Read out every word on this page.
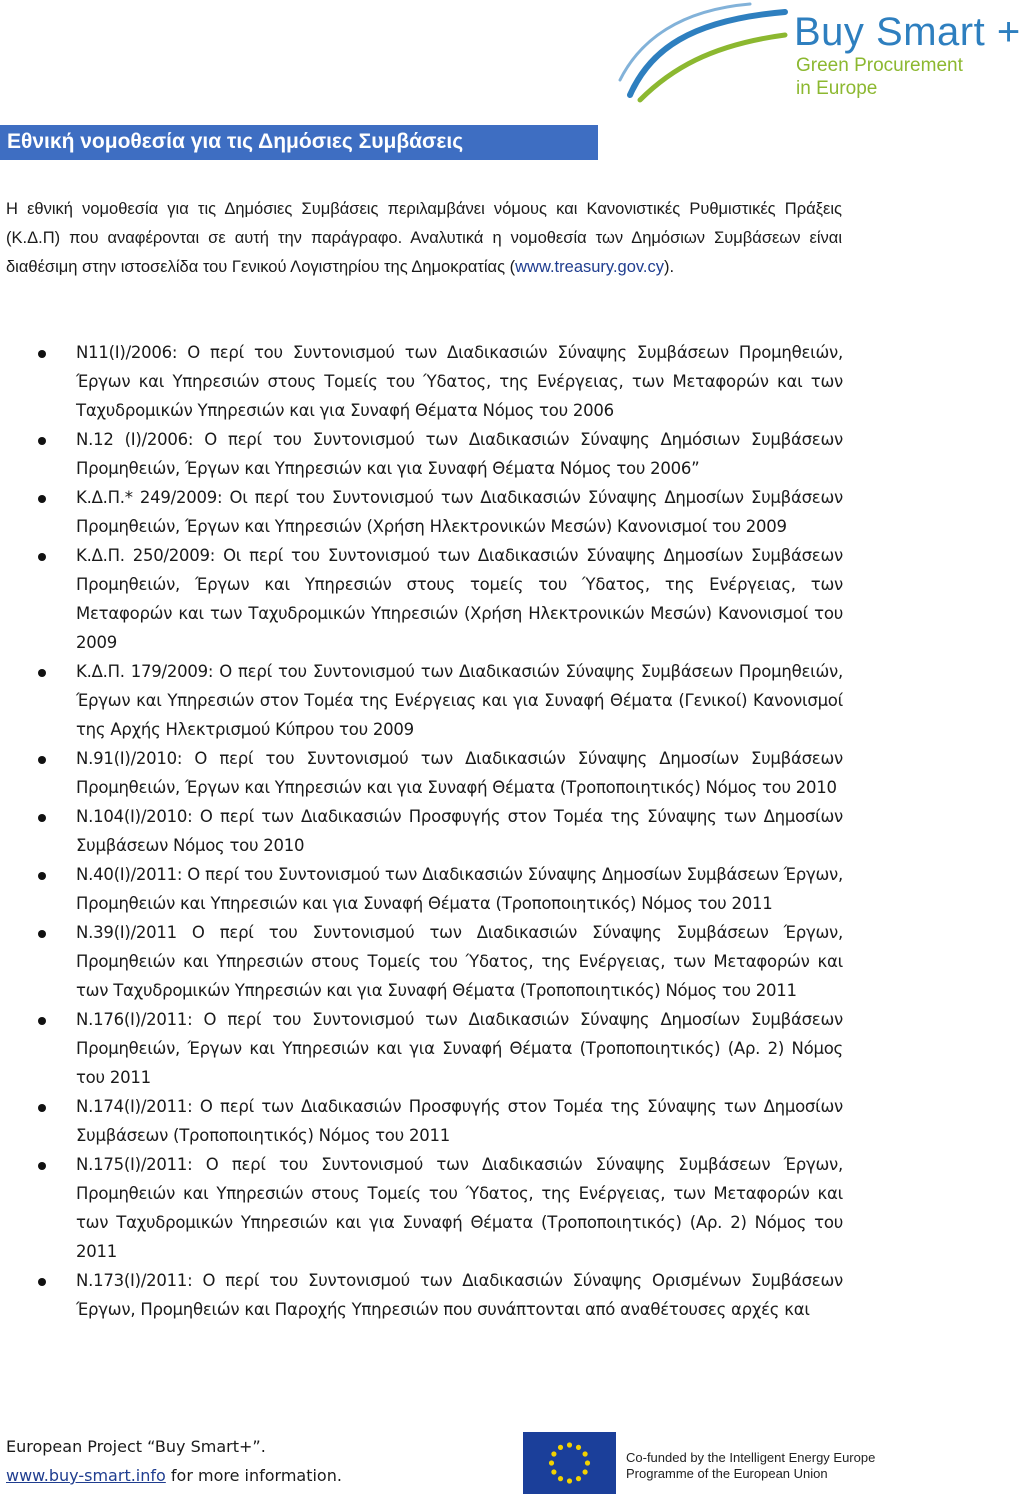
Buy Smart +
Green Procurement
in Europe
Εθνική νομοθεσία για τις Δημόσιες Συμβάσεις

Η εθνική νομοθεσία για τις Δημόσιες Συμβάσεις περιλαμβάνει νόμους και Κανονιστικές Ρυθμιστικές Πράξεις (Κ.Δ.Π) που αναφέρονται σε αυτή την παράγραφο. Αναλυτικά η νομοθεσία των Δημόσιων Συμβάσεων είναι διαθέσιμη στην ιστοσελίδα του Γενικού Λογιστηρίου της Δημοκρατίας (www.treasury.gov.cy).

Ν11(Ι)/2006: Ο περί του Συντονισμού των Διαδικασιών Σύναψης Συμβάσεων Προμηθειών, Έργων και Υπηρεσιών στους Τομείς του Ύδατος, της Ενέργειας, των Μεταφορών και των Ταχυδρομικών Υπηρεσιών και για Συναφή Θέματα Νόμος του 2006
Ν.12 (Ι)/2006: Ο περί του Συντονισμού των Διαδικασιών Σύναψης Δημόσιων Συμβάσεων Προμηθειών, Έργων και Υπηρεσιών και για Συναφή Θέματα Νόμος του 2006”
Κ.Δ.Π.* 249/2009: Οι περί του Συντονισμού των Διαδικασιών Σύναψης Δημοσίων Συμβάσεων Προμηθειών, Έργων και Υπηρεσιών (Χρήση Ηλεκτρονικών Μεσών) Κανονισμοί του 2009
Κ.Δ.Π. 250/2009: Οι περί του Συντονισμού των Διαδικασιών Σύναψης Δημοσίων Συμβάσεων Προμηθειών, Έργων και Υπηρεσιών στους τομείς του Ύδατος, της Ενέργειας, των Μεταφορών και των Ταχυδρομικών Υπηρεσιών (Χρήση Ηλεκτρονικών Μεσών) Κανονισμοί του 2009
Κ.Δ.Π. 179/2009: Ο περί του Συντονισμού των Διαδικασιών Σύναψης Συμβάσεων Προμηθειών, Έργων και Υπηρεσιών στον Τομέα της Ενέργειας και για Συναφή Θέματα (Γενικοί) Κανονισμοί της Αρχής Ηλεκτρισμού Κύπρου του 2009
Ν.91(Ι)/2010: Ο περί του Συντονισμού των Διαδικασιών Σύναψης Δημοσίων Συμβάσεων Προμηθειών, Έργων και Υπηρεσιών και για Συναφή Θέματα (Τροποποιητικός) Νόμος του 2010
Ν.104(Ι)/2010: Ο περί των Διαδικασιών Προσφυγής στον Τομέα της Σύναψης των Δημοσίων Συμβάσεων Νόμος του 2010
Ν.40(Ι)/2011: Ο περί του Συντονισμού των Διαδικασιών Σύναψης Δημοσίων Συμβάσεων Έργων, Προμηθειών και Υπηρεσιών και για Συναφή Θέματα (Τροποποιητικός) Νόμος του 2011
Ν.39(Ι)/2011 Ο περί του Συντονισμού των Διαδικασιών Σύναψης Συμβάσεων Έργων, Προμηθειών και Υπηρεσιών στους Τομείς του Ύδατος, της Ενέργειας, των Μεταφορών και των Ταχυδρομικών Υπηρεσιών και για Συναφή Θέματα (Τροποποιητικός) Νόμος του 2011
Ν.176(Ι)/2011: Ο περί του Συντονισμού των Διαδικασιών Σύναψης Δημοσίων Συμβάσεων Προμηθειών, Έργων και Υπηρεσιών και για Συναφή Θέματα (Τροποποιητικός) (Αρ. 2) Νόμος του 2011
Ν.174(Ι)/2011: Ο περί των Διαδικασιών Προσφυγής στον Τομέα της Σύναψης των Δημοσίων Συμβάσεων (Τροποποιητικός) Νόμος του 2011
Ν.175(Ι)/2011: Ο περί του Συντονισμού των Διαδικασιών Σύναψης Συμβάσεων Έργων, Προμηθειών και Υπηρεσιών στους Τομείς του Ύδατος, της Ενέργειας, των Μεταφορών και των Ταχυδρομικών Υπηρεσιών και για Συναφή Θέματα (Τροποποιητικός) (Αρ. 2) Νόμος του 2011
Ν.173(Ι)/2011: Ο περί του Συντονισμού των Διαδικασιών Σύναψης Ορισμένων Συμβάσεων Έργων, Προμηθειών και Παροχής Υπηρεσιών που συνάπτονται από αναθέτουσες αρχές και
European Project “Buy Smart+”.
www.buy-smart.info for more information.
Co-funded by the Intelligent Energy Europe
Programme of the European Union
